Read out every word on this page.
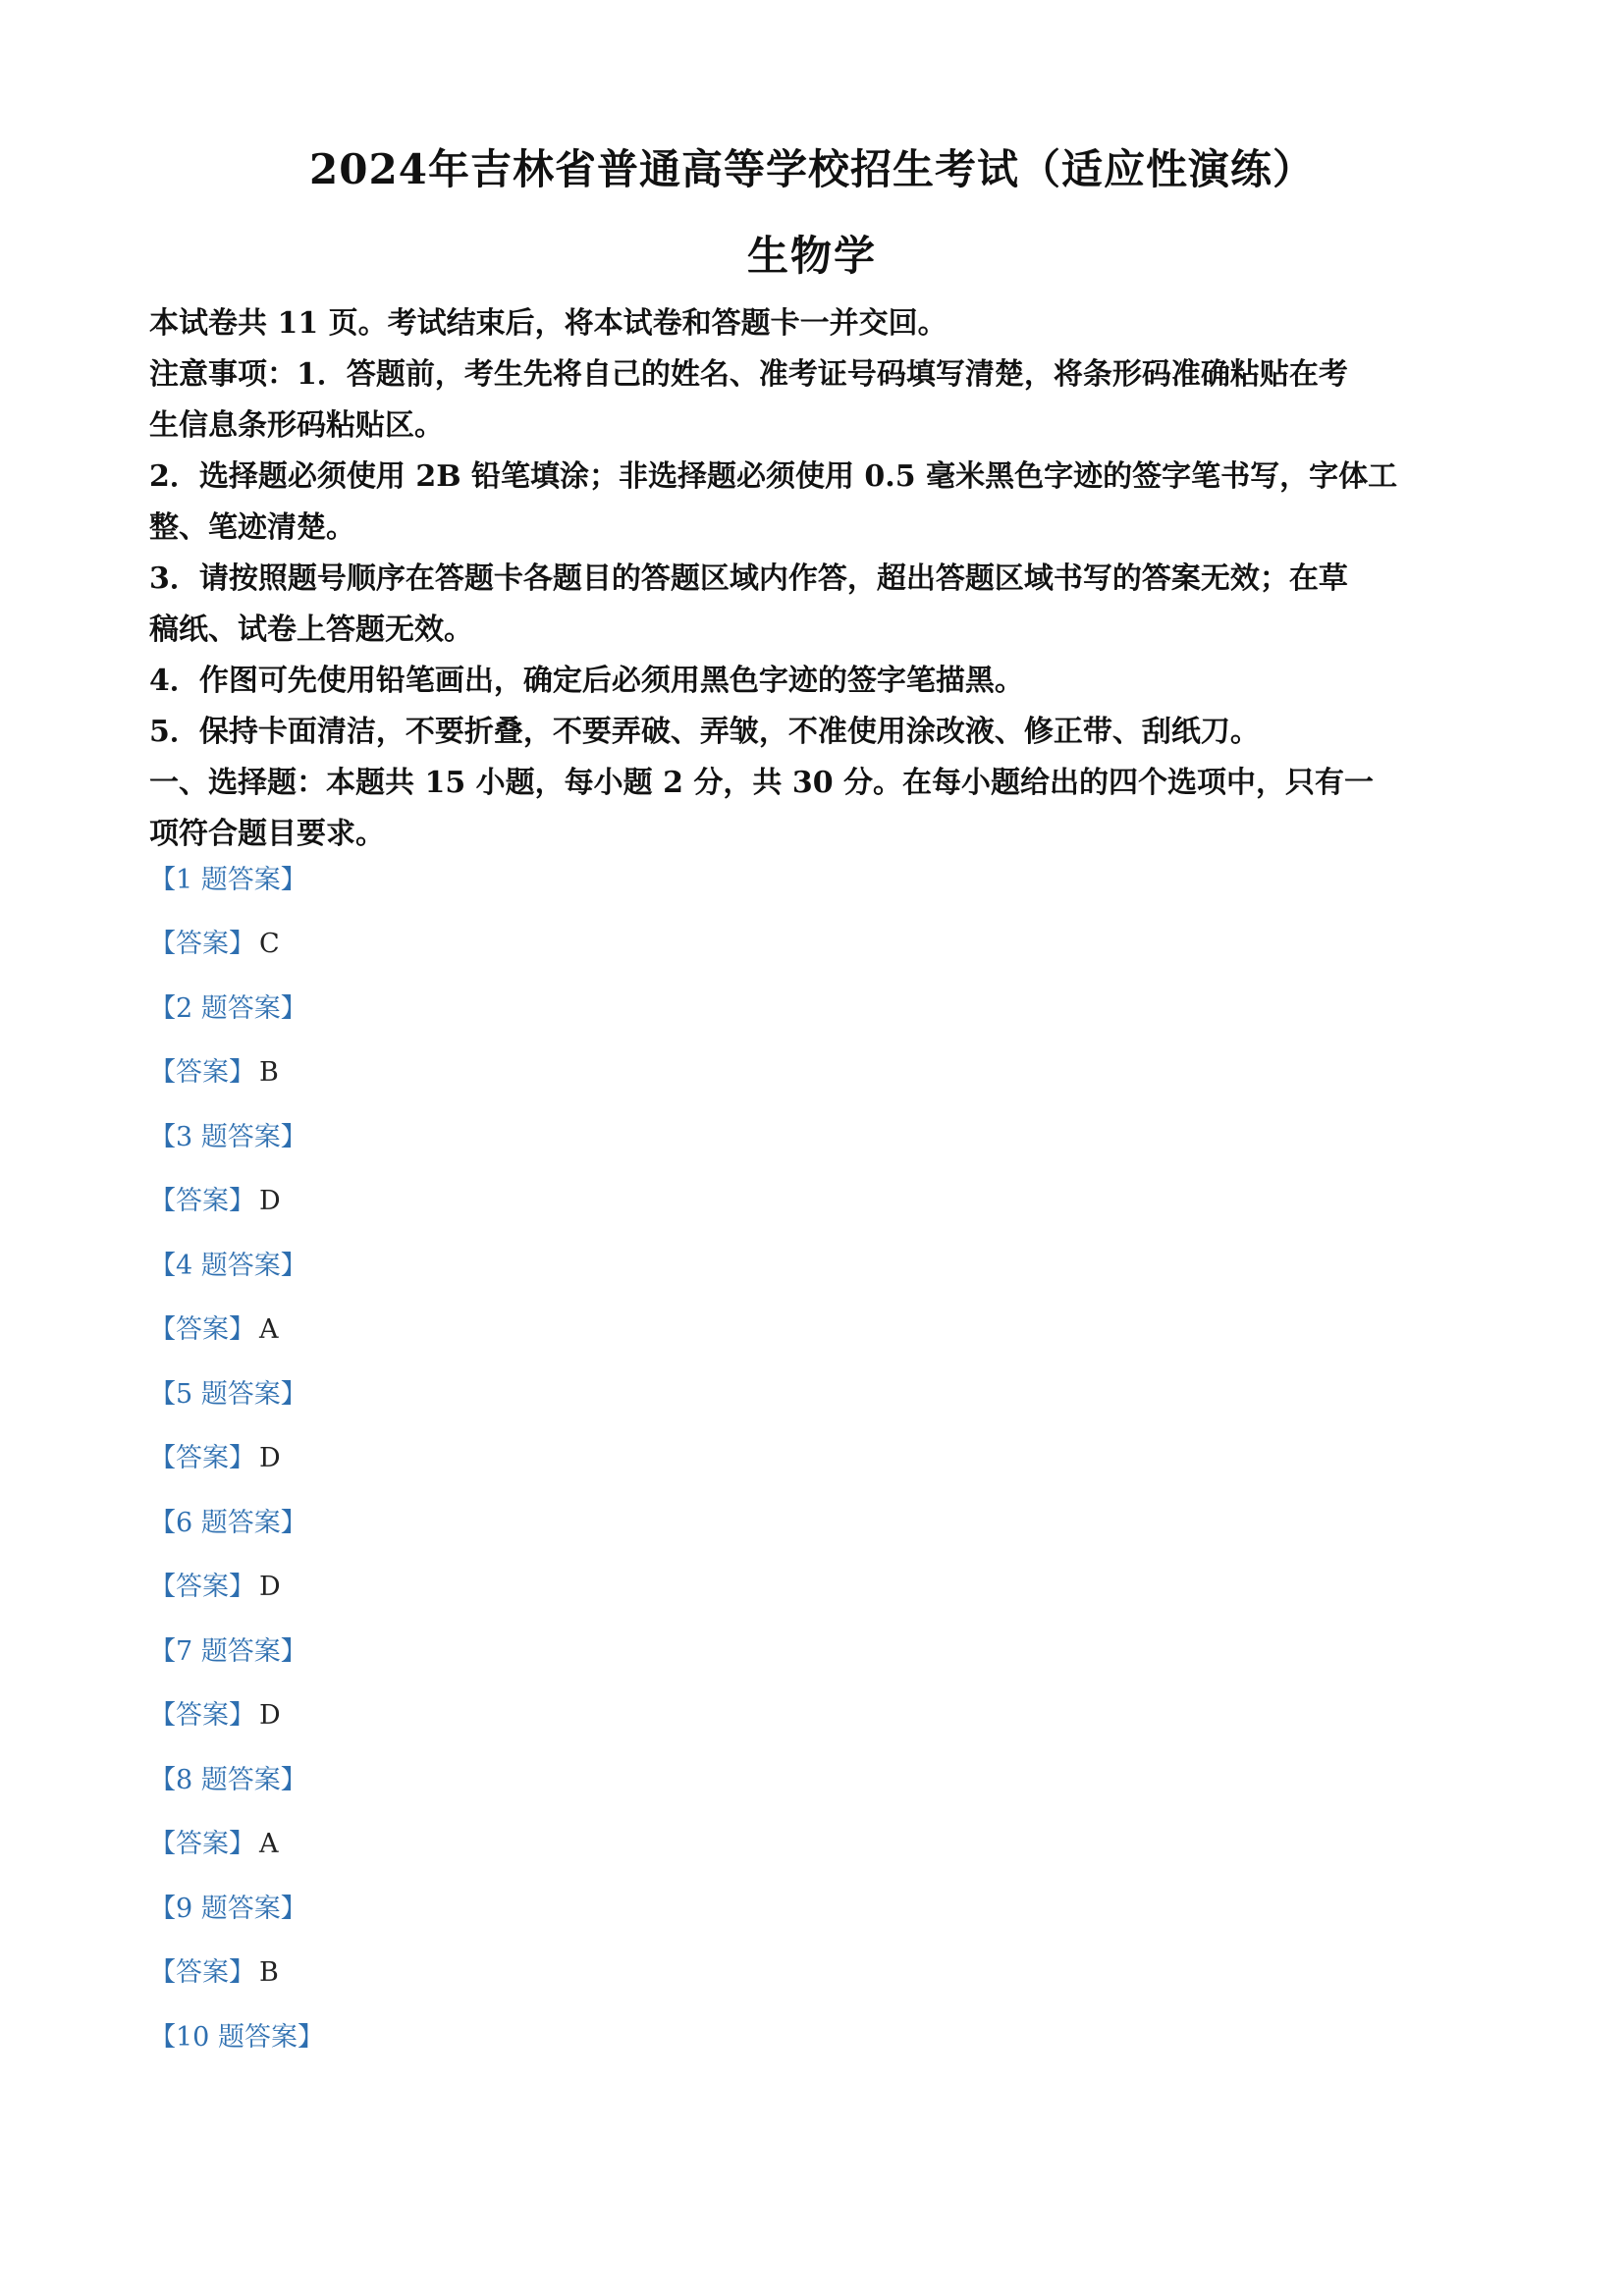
2024年吉林省普通高等学校招生考试（适应性演练）
生物学
本试卷共 11 页。考试结束后，将本试卷和答题卡一并交回。
注意事项：1．答题前，考生先将自己的姓名、准考证号码填写清楚，将条形码准确粘贴在考
生信息条形码粘贴区。
2．选择题必须使用 2B 铅笔填涂；非选择题必须使用 0.5 毫米黑色字迹的签字笔书写，字体工
整、笔迹清楚。
3．请按照题号顺序在答题卡各题目的答题区域内作答，超出答题区域书写的答案无效；在草
稿纸、试卷上答题无效。
4．作图可先使用铅笔画出，确定后必须用黑色字迹的签字笔描黑。
5．保持卡面清洁，不要折叠，不要弄破、弄皱，不准使用涂改液、修正带、刮纸刀。
一、选择题：本题共 15 小题，每小题 2 分，共 30 分。在每小题给出的四个选项中，只有一
项符合题目要求。
【1 题答案】
【答案】 C
【2 题答案】
【答案】 B
【3 题答案】
【答案】 D
【4 题答案】
【答案】 A
【5 题答案】
【答案】 D
【6 题答案】
【答案】 D
【7 题答案】
【答案】 D
【8 题答案】
【答案】 A
【9 题答案】
【答案】 B
【10 题答案】
